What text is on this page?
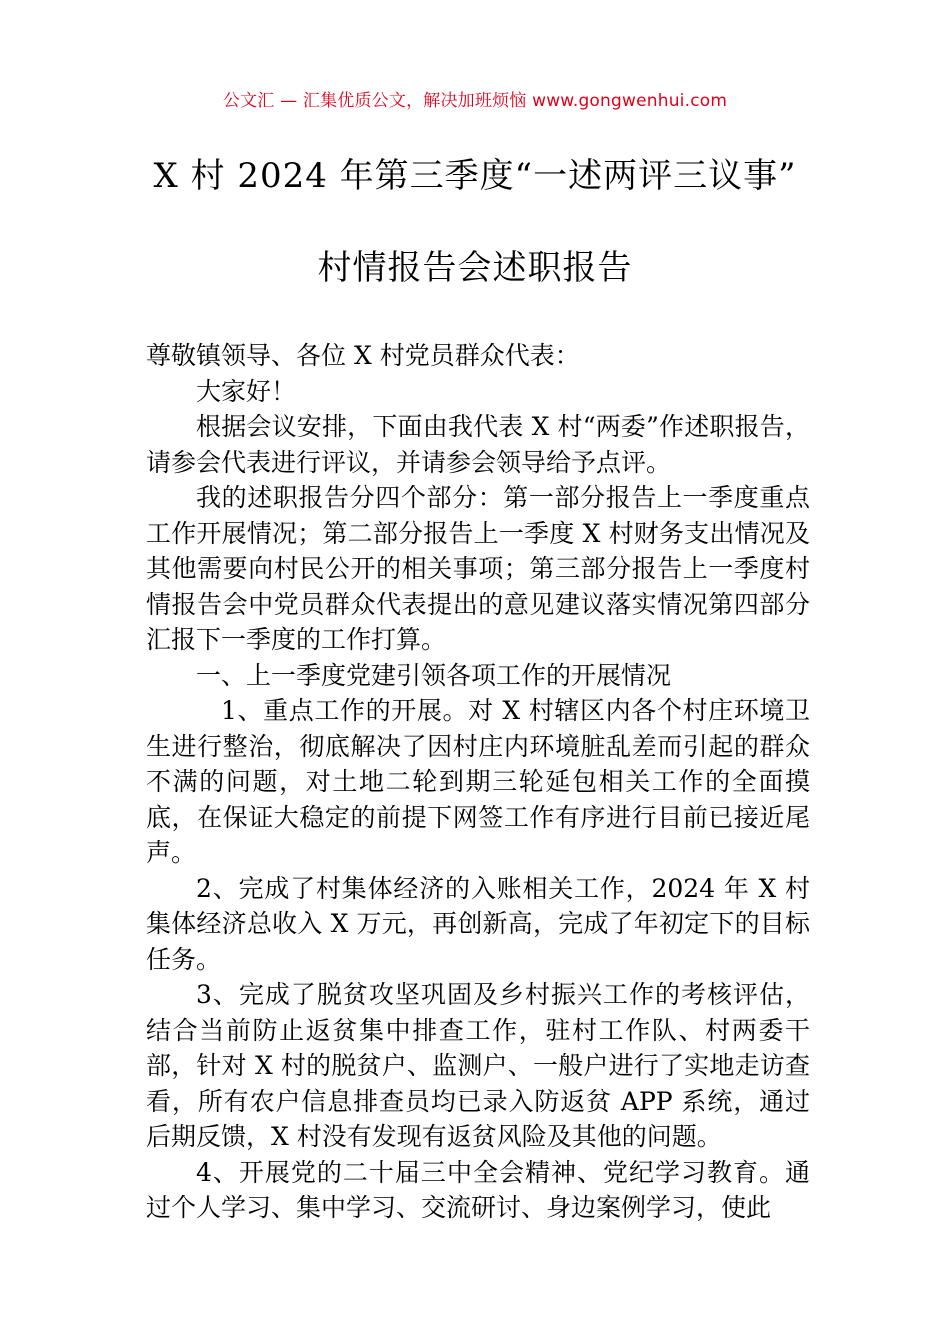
公文汇 — 汇集优质公文，解决加班烦恼 www.gongwenhui.com
X 村 2024 年第三季度“一述两评三议事”
村情报告会述职报告

尊敬镇领导、各位 X 村党员群众代表：

大家好！

根据会议安排，下面由我代表 X 村“两委”作述职报告，请参会代表进行评议，并请参会领导给予点评。

我的述职报告分四个部分：第一部分报告上一季度重点工作开展情况；第二部分报告上一季度 X 村财务支出情况及其他需要向村民公开的相关事项；第三部分报告上一季度村情报告会中党员群众代表提出的意见建议落实情况第四部分汇报下一季度的工作打算。

一、上一季度党建引领各项工作的开展情况

1、重点工作的开展。对 X 村辖区内各个村庄环境卫生进行整治，彻底解决了因村庄内环境脏乱差而引起的群众不满的问题，对土地二轮到期三轮延包相关工作的全面摸底，在保证大稳定的前提下网签工作有序进行目前已接近尾声。

2、完成了村集体经济的入账相关工作，2024 年 X 村集体经济总收入 X 万元，再创新高，完成了年初定下的目标任务。

3、完成了脱贫攻坚巩固及乡村振兴工作的考核评估，结合当前防止返贫集中排查工作，驻村工作队、村两委干部，针对 X 村的脱贫户、监测户、一般户进行了实地走访查看，所有农户信息排查员均已录入防返贫 APP 系统，通过后期反馈，X 村没有发现有返贫风险及其他的问题。

4、开展党的二十届三中全会精神、党纪学习教育。通过个人学习、集中学习、交流研讨、身边案例学习，使此
